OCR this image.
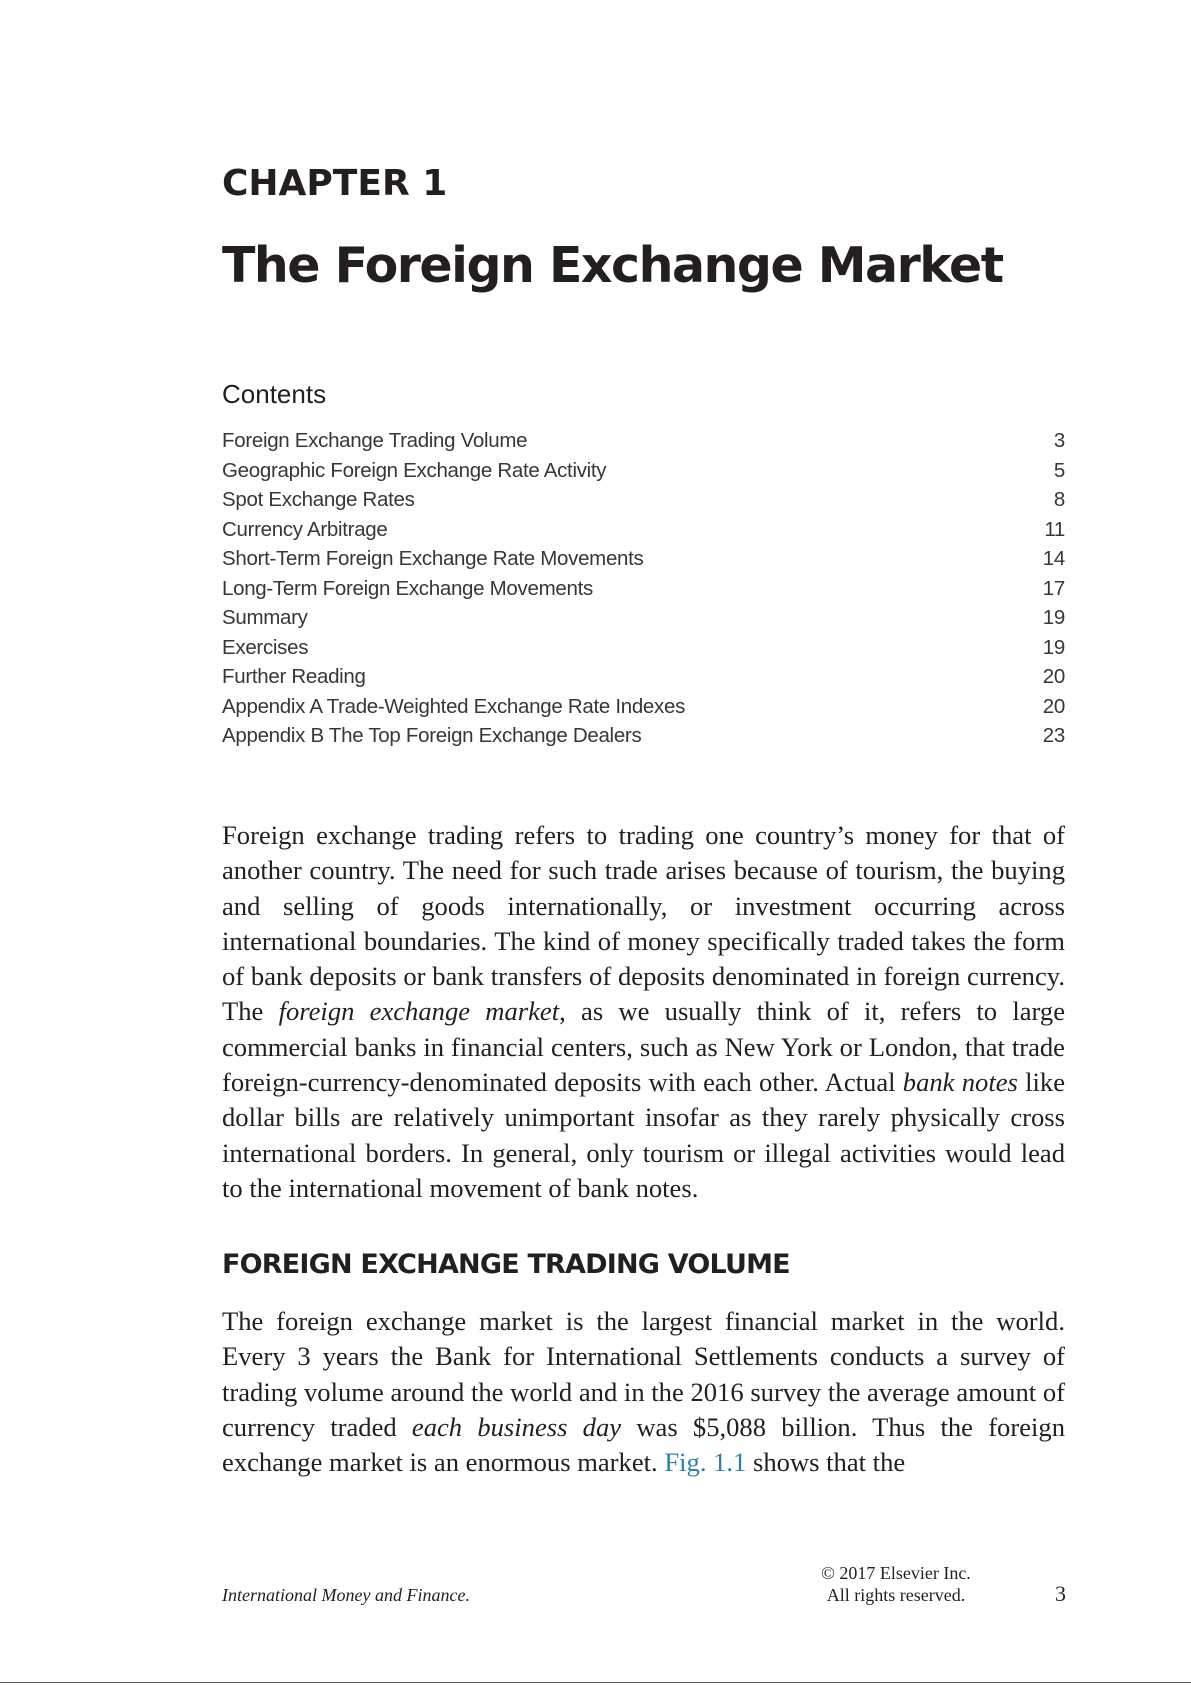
CHAPTER 1
The Foreign Exchange Market
Contents
Foreign Exchange Trading Volume	3
Geographic Foreign Exchange Rate Activity	5
Spot Exchange Rates	8
Currency Arbitrage	11
Short-Term Foreign Exchange Rate Movements	14
Long-Term Foreign Exchange Movements	17
Summary	19
Exercises	19
Further Reading	20
Appendix A Trade-Weighted Exchange Rate Indexes	20
Appendix B The Top Foreign Exchange Dealers	23

Foreign exchange trading refers to trading one country’s money for that of another country. The need for such trade arises because of tourism, the buying and selling of goods internationally, or investment occurring across international boundaries. The kind of money specifically traded takes the form of bank deposits or bank transfers of deposits denominated in foreign currency. The foreign exchange market, as we usually think of it, refers to large commercial banks in financial centers, such as New York or London, that trade foreign-currency-denominated deposits with each other. Actual bank notes like dollar bills are relatively unimportant insofar as they rarely physically cross international borders. In general, only tourism or illegal activities would lead to the international movement of bank notes.

FOREIGN EXCHANGE TRADING VOLUME

The foreign exchange market is the largest financial market in the world. Every 3 years the Bank for International Settlements conducts a survey of trading volume around the world and in the 2016 survey the average amount of currency traded each business day was $5,088 billion. Thus the foreign exchange market is an enormous market. Fig. 1.1 shows that the

International Money and Finance.
© 2017 Elsevier Inc.
All rights reserved.	3
